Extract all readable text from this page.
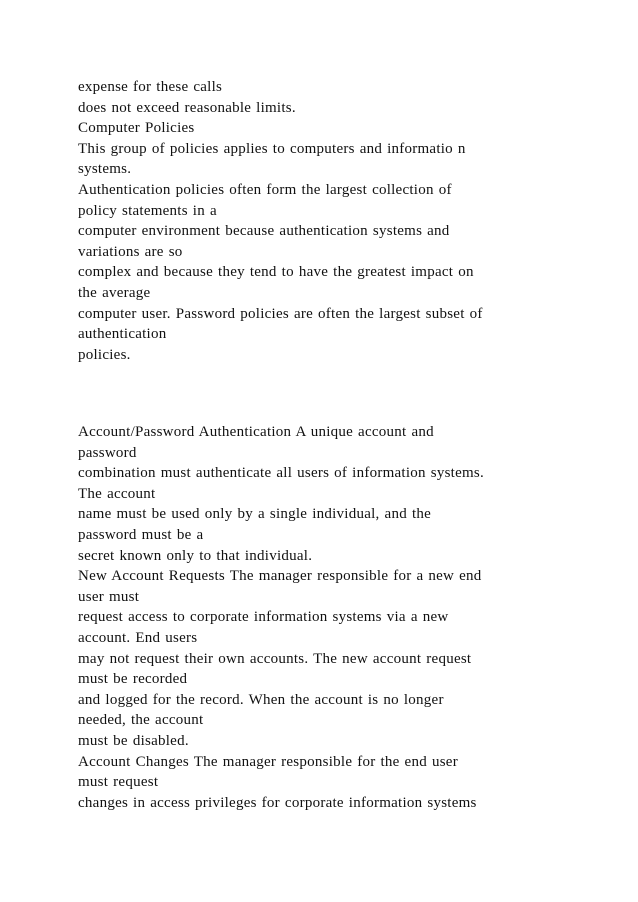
expense for these calls
does not exceed reasonable limits.
Computer Policies
This group of policies applies to computers and informatio n
systems.
Authentication policies often form the largest collection of
policy statements in a
computer environment because authentication systems and
variations are so
complex and because they tend to have the greatest impact on
the average
computer user. Password policies are often the largest subset of
authentication
policies.
Account/Password Authentication A unique account and
password
combination must authenticate all users of information systems.
The account
name must be used only by a single individual, and the
password must be a
secret known only to that individual.
New Account Requests The manager responsible for a new end
user must
request access to corporate information systems via a new
account. End users
may not request their own accounts. The new account request
must be recorded
and logged for the record. When the account is no longer
needed, the account
must be disabled.
Account Changes The manager responsible for the end user
must request
changes in access privileges for corporate information systems
